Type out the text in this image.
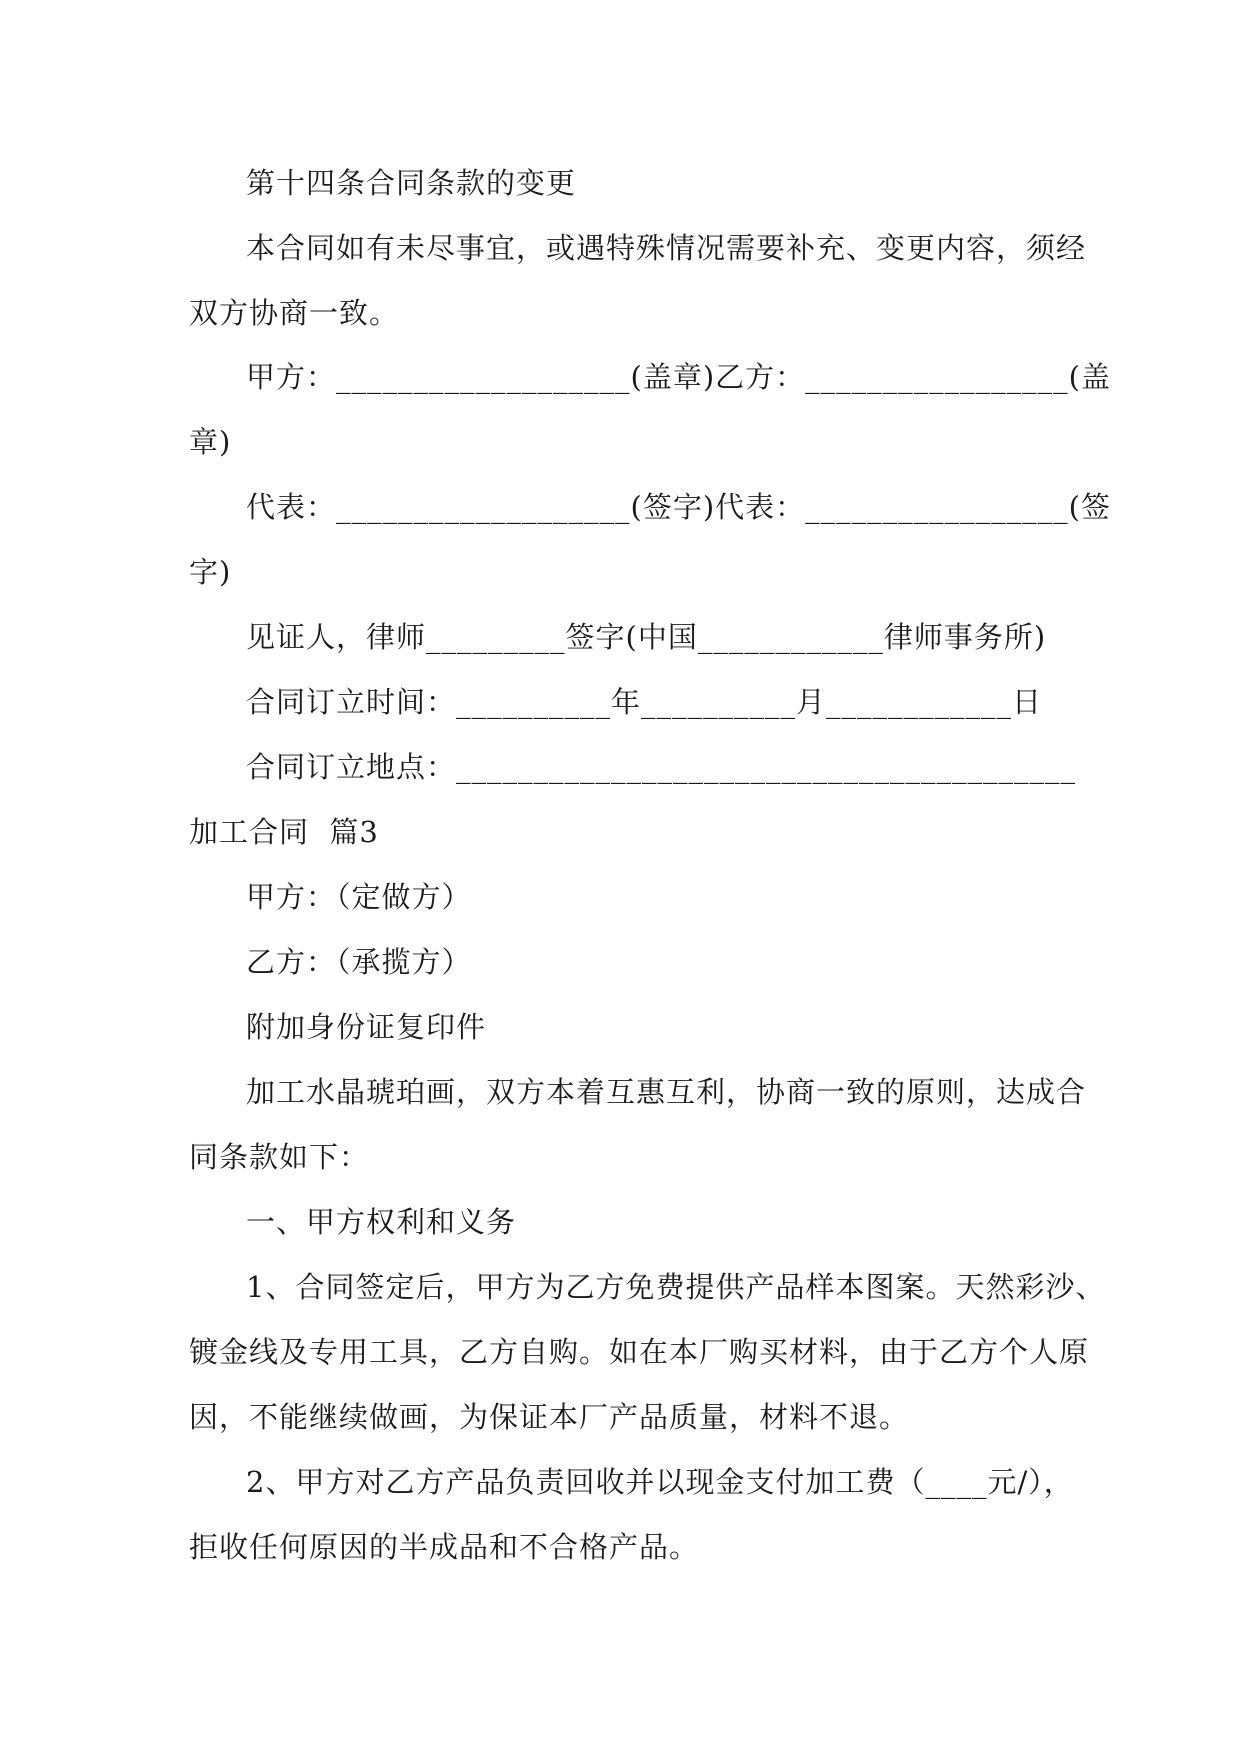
第十四条合同条款的变更
本合同如有未尽事宜，或遇特殊情况需要补充、变更内容，须经
双方协商一致。
甲方：___________________(盖章)乙方：_________________(盖
章)
代表：___________________(签字)代表：_________________(签
字)
见证人，律师_________签字(中国____________律师事务所)
合同订立时间：__________年__________月____________日
合同订立地点：________________________________________
加工合同  篇3
甲方：（定做方）
乙方：（承揽方）
附加身份证复印件
加工水晶琥珀画，双方本着互惠互利，协商一致的原则，达成合
同条款如下：
一、甲方权利和义务
1、合同签定后，甲方为乙方免费提供产品样本图案。天然彩沙、
镀金线及专用工具，乙方自购。如在本厂购买材料，由于乙方个人原
因，不能继续做画，为保证本厂产品质量，材料不退。
2、甲方对乙方产品负责回收并以现金支付加工费（____元/），
拒收任何原因的半成品和不合格产品。
